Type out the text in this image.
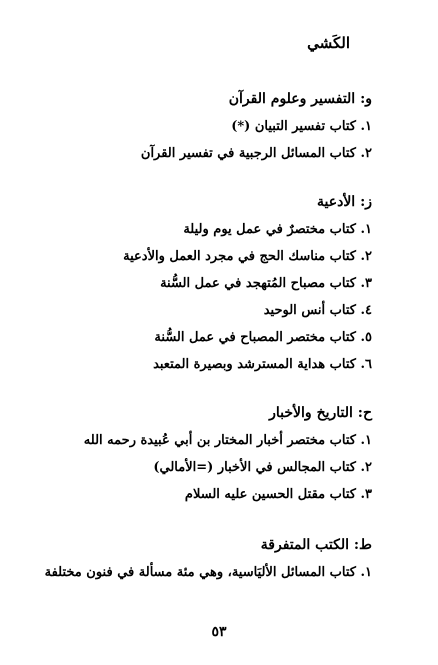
الكَشي
و: التفسير وعلوم القرآن
١. كتاب تفسير التبيان (*)
٢. كتاب المسائل الرجبية في تفسير القرآن
ز: الأدعية
١. كتاب مختصرٌ في عمل يوم وليلة
٢. كتاب مناسك الحج في مجرد العمل والأدعية
٣. كتاب مصباح المُتهجد في عمل السُّنة
٤. كتاب أنس الوحيد
٥. كتاب مختصر المصباح في عمل السُّنة
٦. كتاب هداية المسترشد وبصيرة المتعبد
ح: التاريخ والأخبار
١. كتاب مختصر أخبار المختار بن أبي عُبيدة رحمه الله
٢. كتاب المجالس في الأخبار (=الأمالي)
٣. كتاب مقتل الحسين عليه السلام
ط: الكتب المتفرقة
١. كتاب المسائل الأليَاسية، وهي مئة مسألة في فنون مختلفة
٥٣
